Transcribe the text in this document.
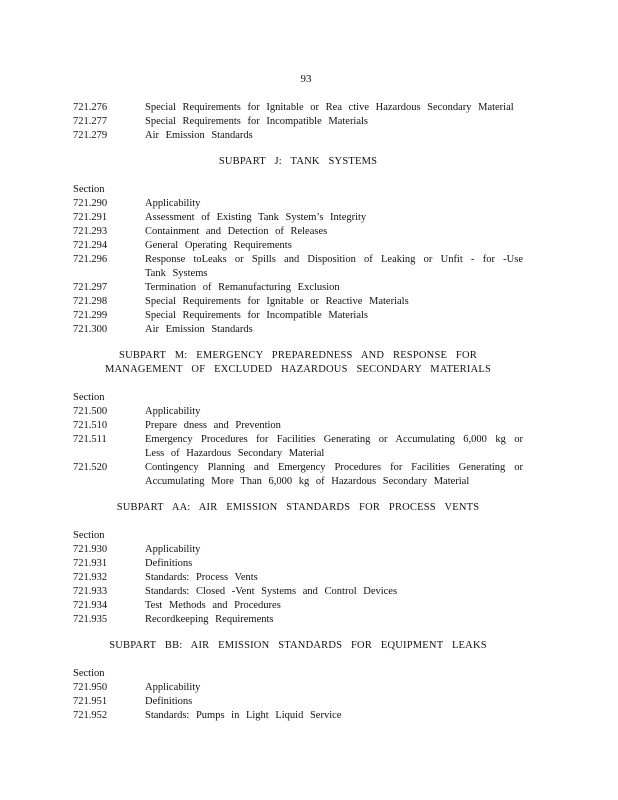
93
721.276	Special Requirements for Ignitable or Rea ctive Hazardous Secondary Material
721.277	Special Requirements for Incompatible Materials
721.279	Air Emission Standards
SUBPART J: TANK SYSTEMS
Section
721.290	Applicability
721.291	Assessment of Existing Tank System’s Integrity
721.293	Containment and Detection of Releases
721.294	General Operating Requirements
721.296	Response toLeaks or Spills and Disposition of Leaking or Unfit - for -Use Tank Systems
721.297	Termination of Remanufacturing Exclusion
721.298	Special Requirements for Ignitable or Reactive Materials
721.299	Special Requirements for Incompatible Materials
721.300	Air Emission Standards
SUBPART M: EMERGENCY PREPAREDNESS AND RESPONSE FOR
MANAGEMENT OF EXCLUDED HAZARDOUS SECONDARY MATERIALS
Section
721.500	Applicability
721.510	Prepare dness and Prevention
721.511	Emergency Procedures for Facilities Generating or Accumulating 6,000 kg or Less of Hazardous Secondary Material
721.520	Contingency Planning and Emergency Procedures for Facilities Generating or Accumulating More Than 6,000 kg of Hazardous Secondary Material
SUBPART AA: AIR EMISSION STANDARDS FOR PROCESS VENTS
Section
721.930	Applicability
721.931	Definitions
721.932	Standards: Process Vents
721.933	Standards: Closed -Vent Systems and Control Devices
721.934	Test Methods and Procedures
721.935	Recordkeeping Requirements
SUBPART BB: AIR EMISSION STANDARDS FOR EQUIPMENT LEAKS
Section
721.950	Applicability
721.951	Definitions
721.952	Standards: Pumps in Light Liquid Service
